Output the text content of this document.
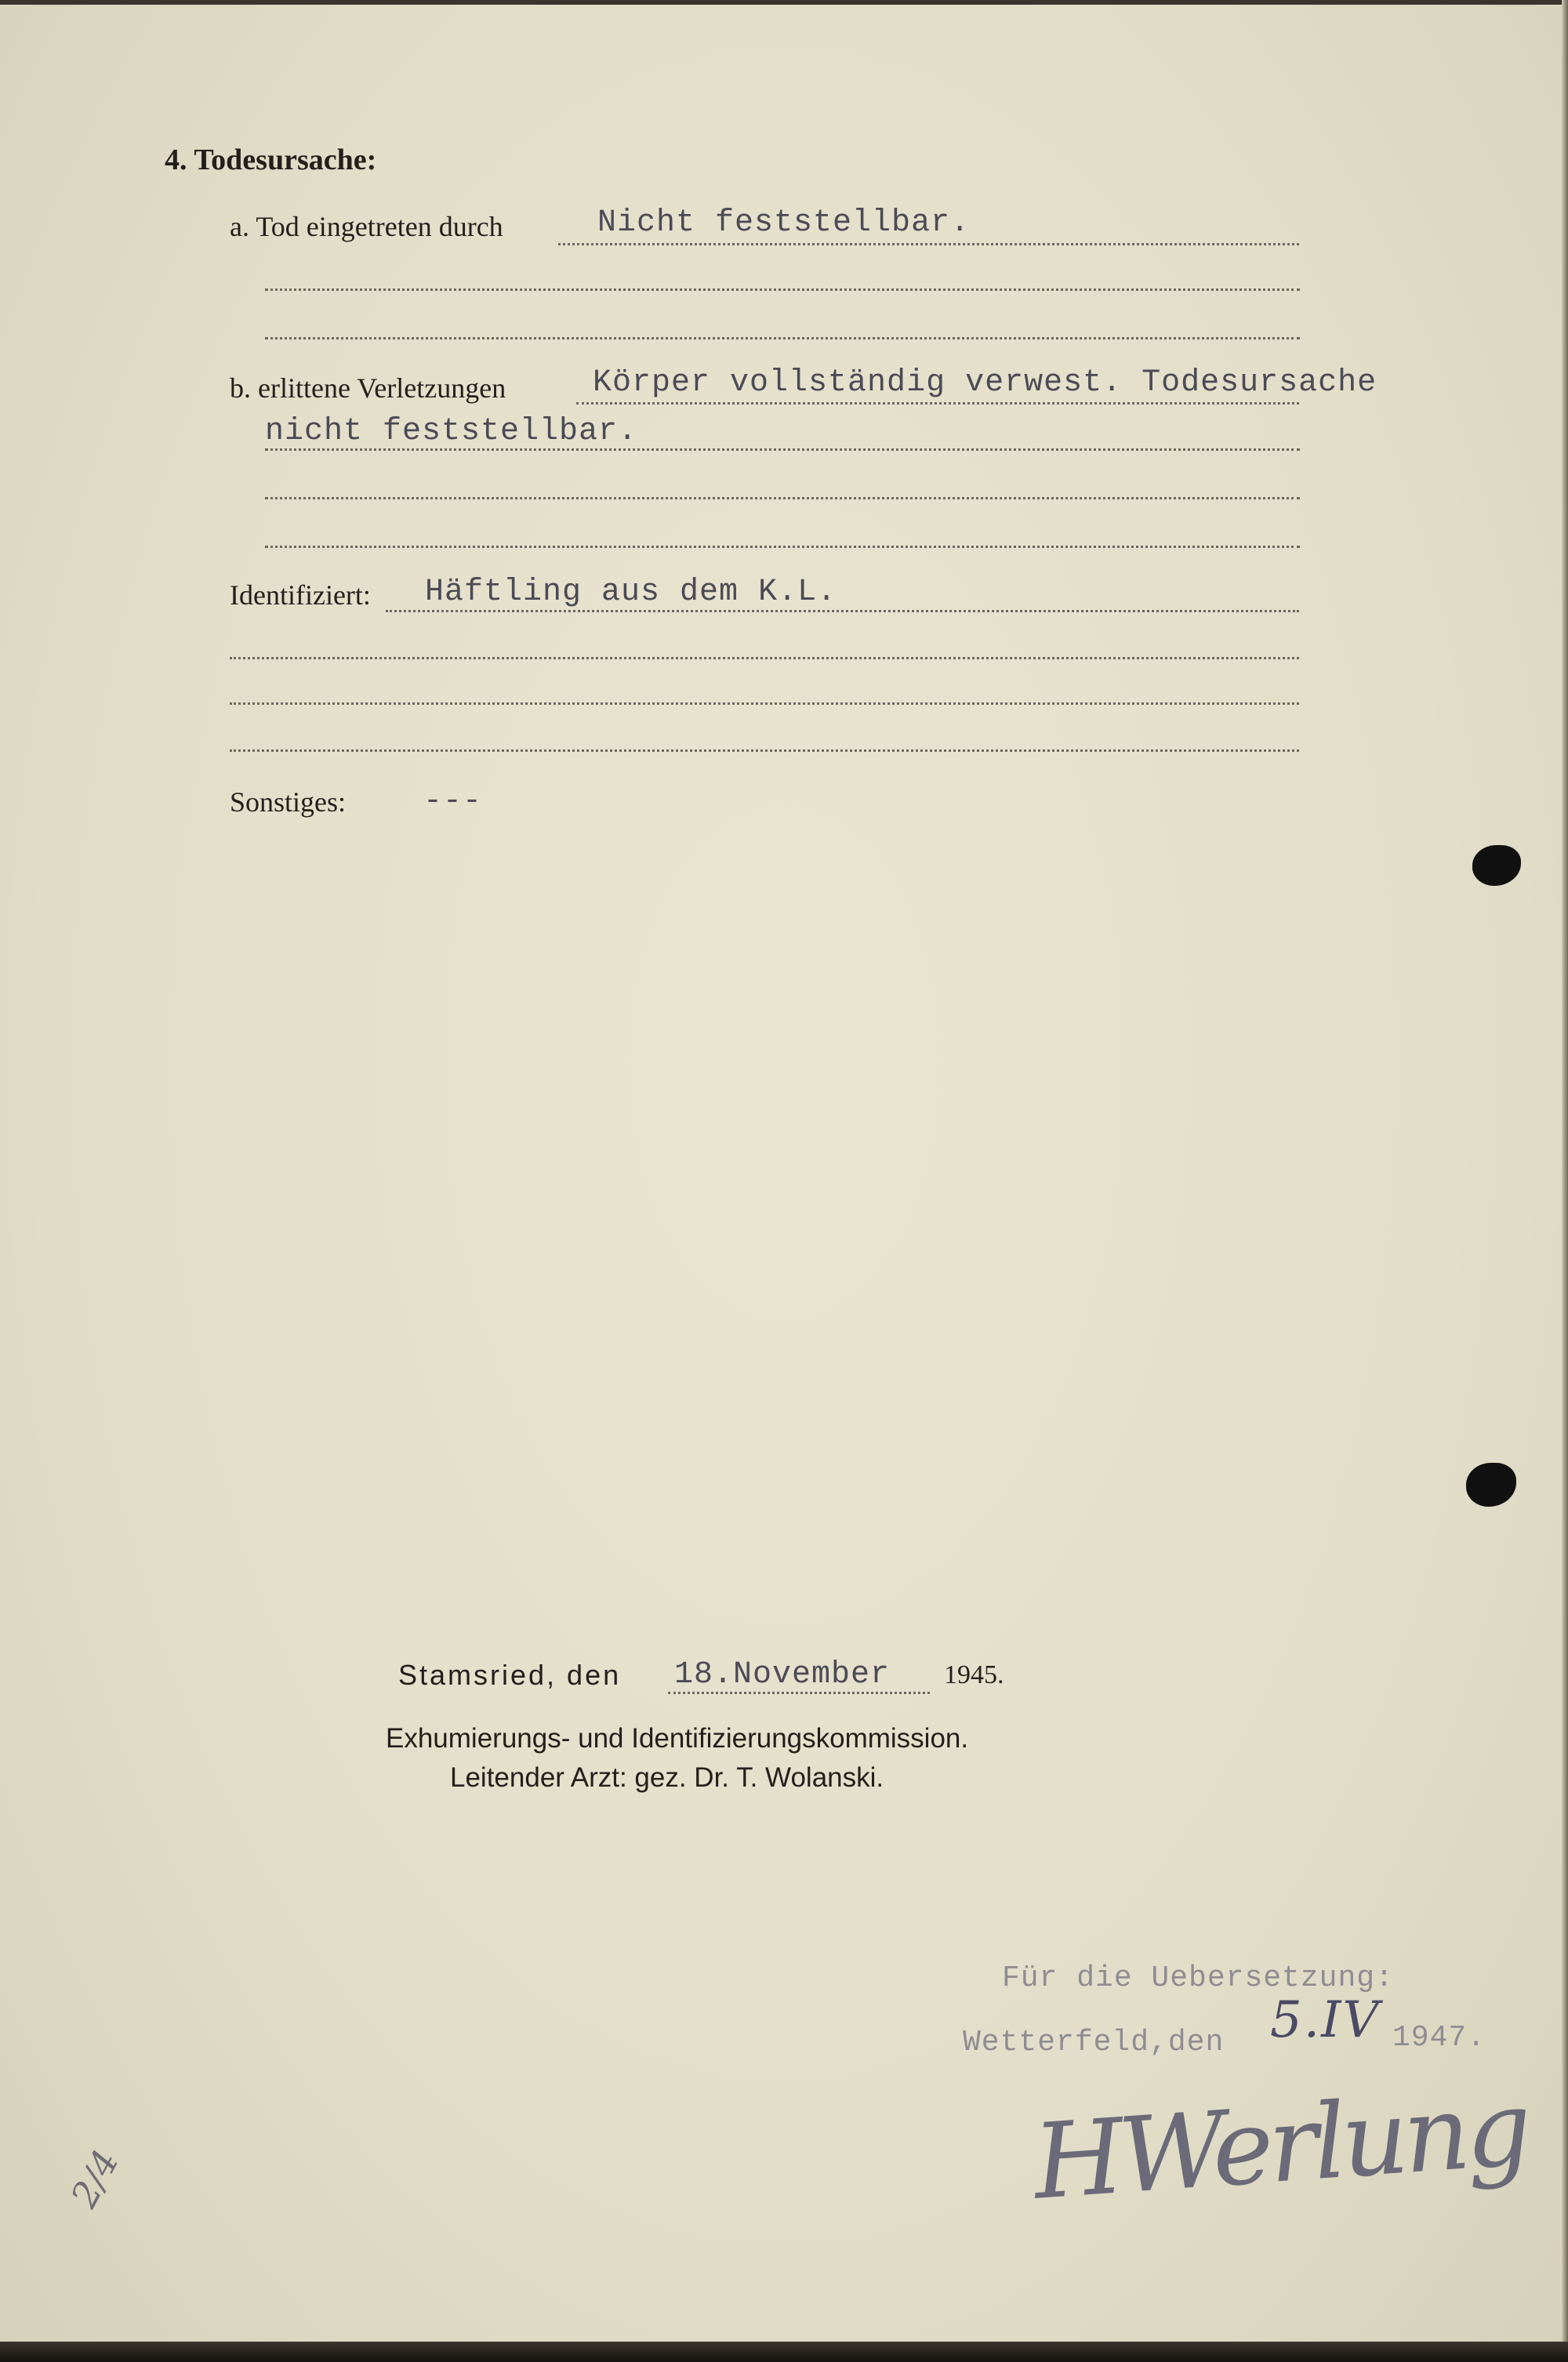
4. Todesursache:
a. Tod eingetreten durch	Nicht feststellbar.
b. erlittene Verletzungen	Körper vollständig verwest. Todesursache
nicht feststellbar.
Identifiziert: Häftling aus dem K.L.
Sonstiges: ---
Stamsried, den 18.November 1945.
Exhumierungs- und Identifizierungskommission.
Leitender Arzt: gez. Dr. T. Wolanski.
Für die Uebersetzung:
Wetterfeld,den 5.IV 1947.
HWerlung
2/4
